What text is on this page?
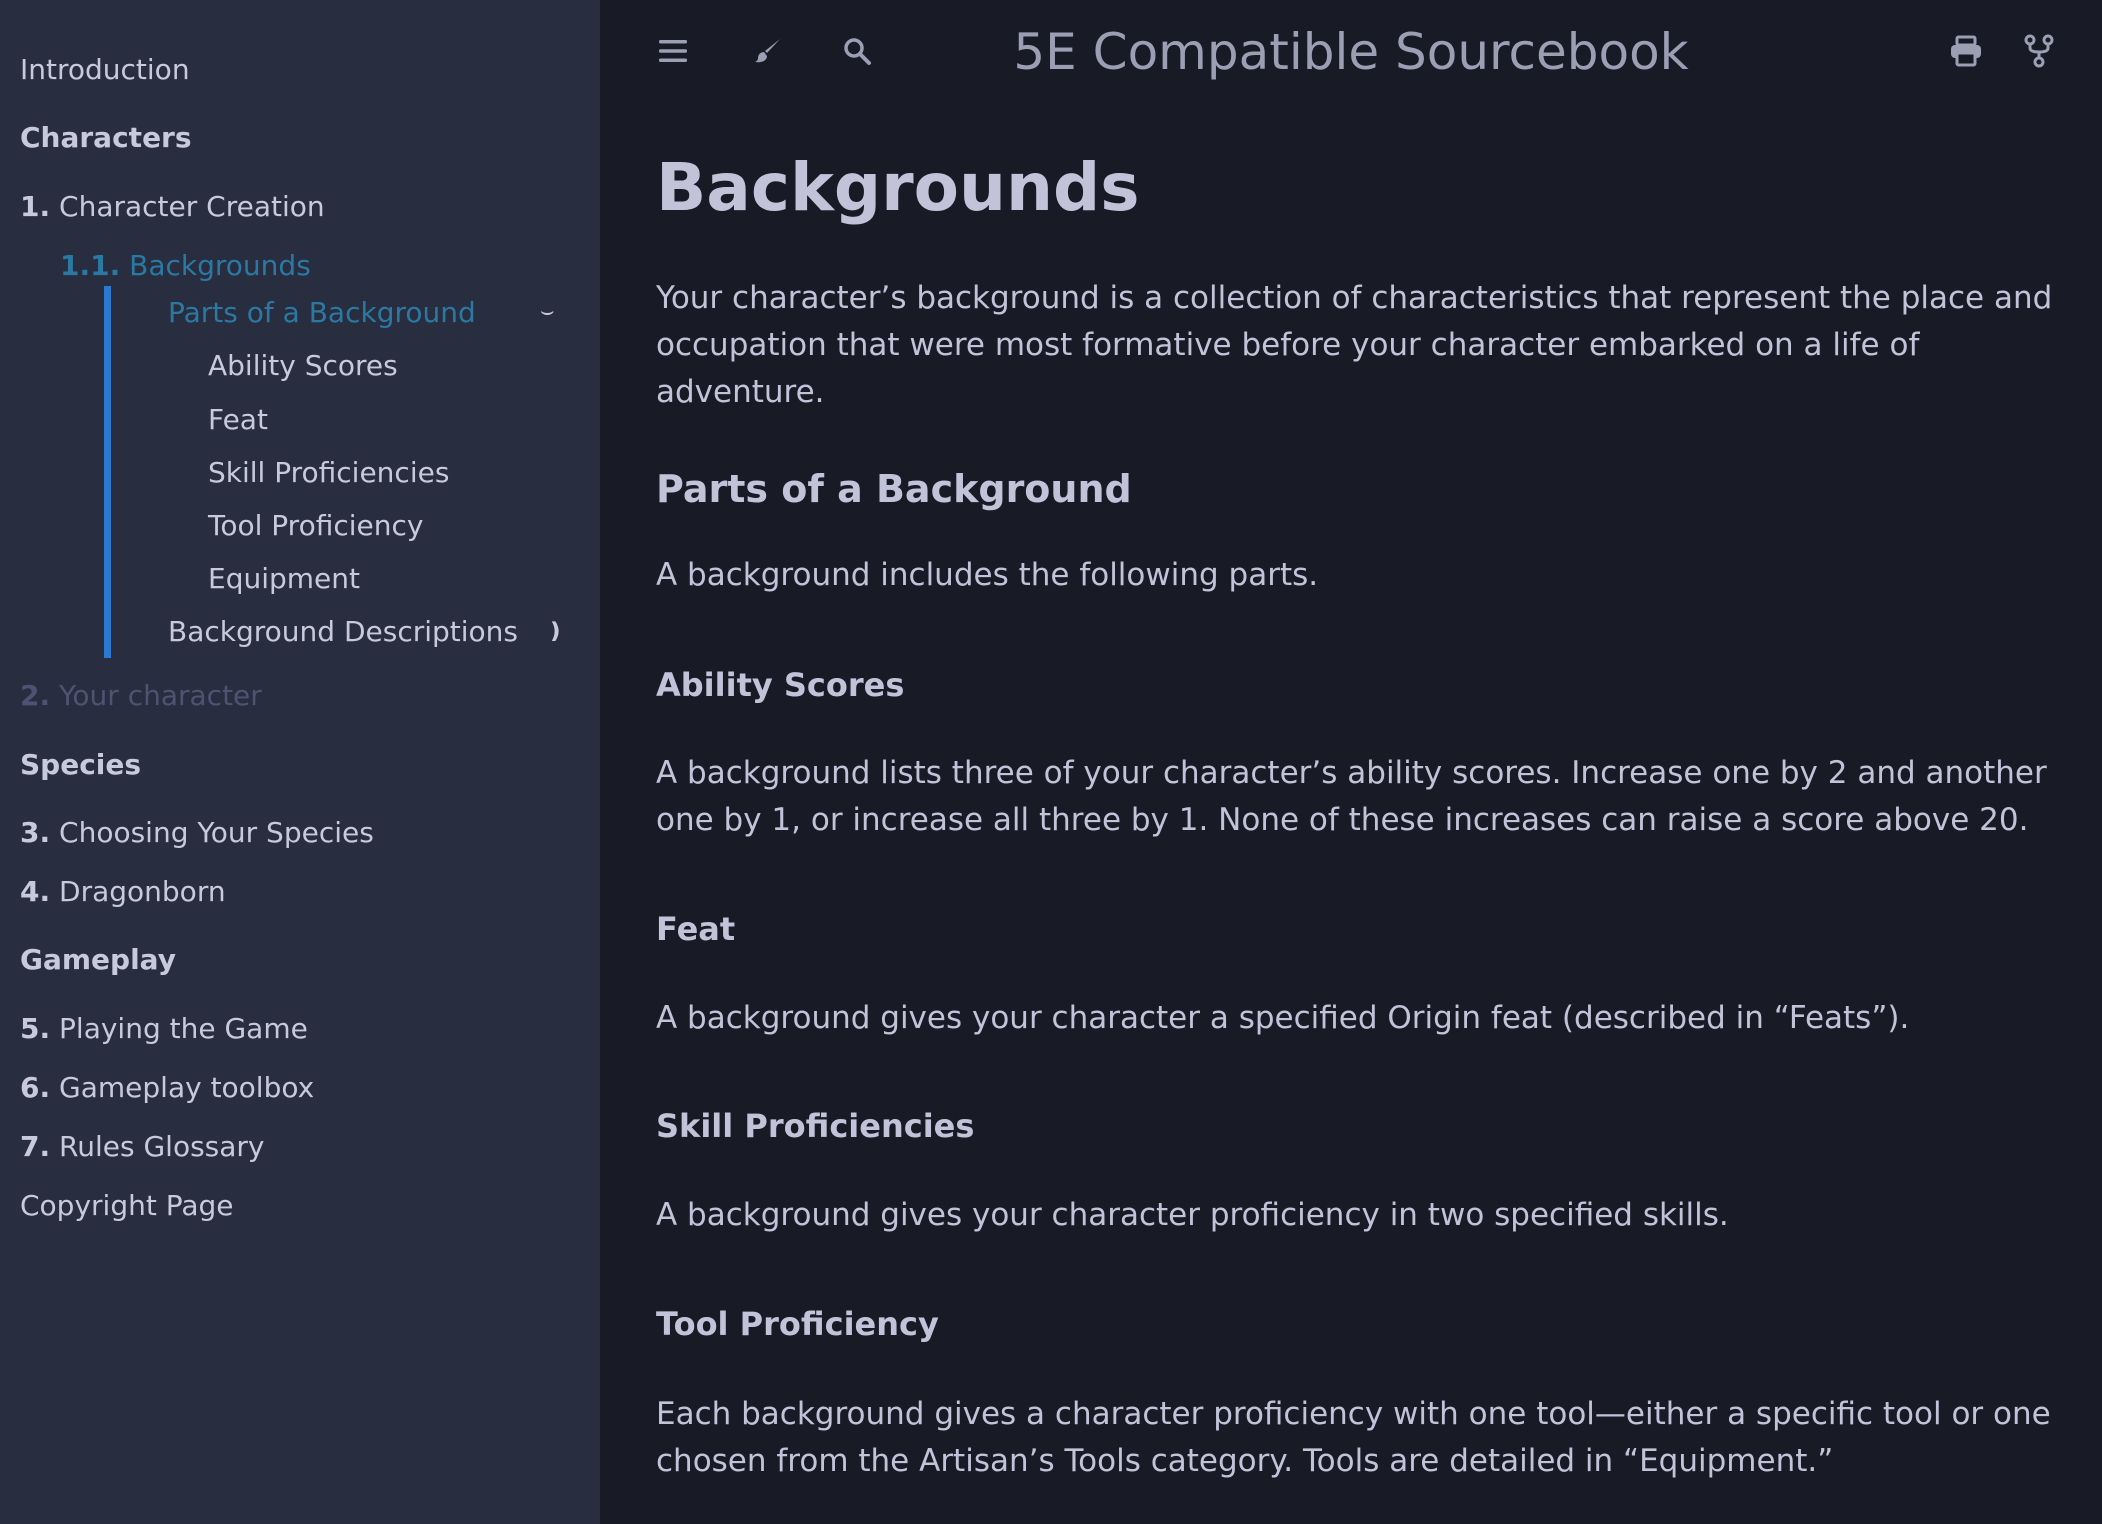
Introduction
Characters
1. Character Creation
1.1. Backgrounds
Parts of a Background	⌣
Ability Scores
Feat
Skill Proficiencies
Tool Proficiency
Equipment
Background Descriptions ❫
2. Your character
Species
3. Choosing Your Species
4. Dragonborn
Gameplay
5. Playing the Game
6. Gameplay toolbox
7. Rules Glossary
Copyright Page
5E Compatible Sourcebook
Backgrounds

Your character’s background is a collection of characteristics that represent the place and occupation that were most formative before your character embarked on a life of adventure.

Parts of a Background

A background includes the following parts.

Ability Scores

A background lists three of your character’s ability scores. Increase one by 2 and another one by 1, or increase all three by 1. None of these increases can raise a score above 20.

Feat

A background gives your character a specified Origin feat (described in “Feats”).

Skill Proficiencies

A background gives your character proficiency in two specified skills.

Tool Proficiency

Each background gives a character proficiency with one tool—either a specific tool or one chosen from the Artisan’s Tools category. Tools are detailed in “Equipment.”
